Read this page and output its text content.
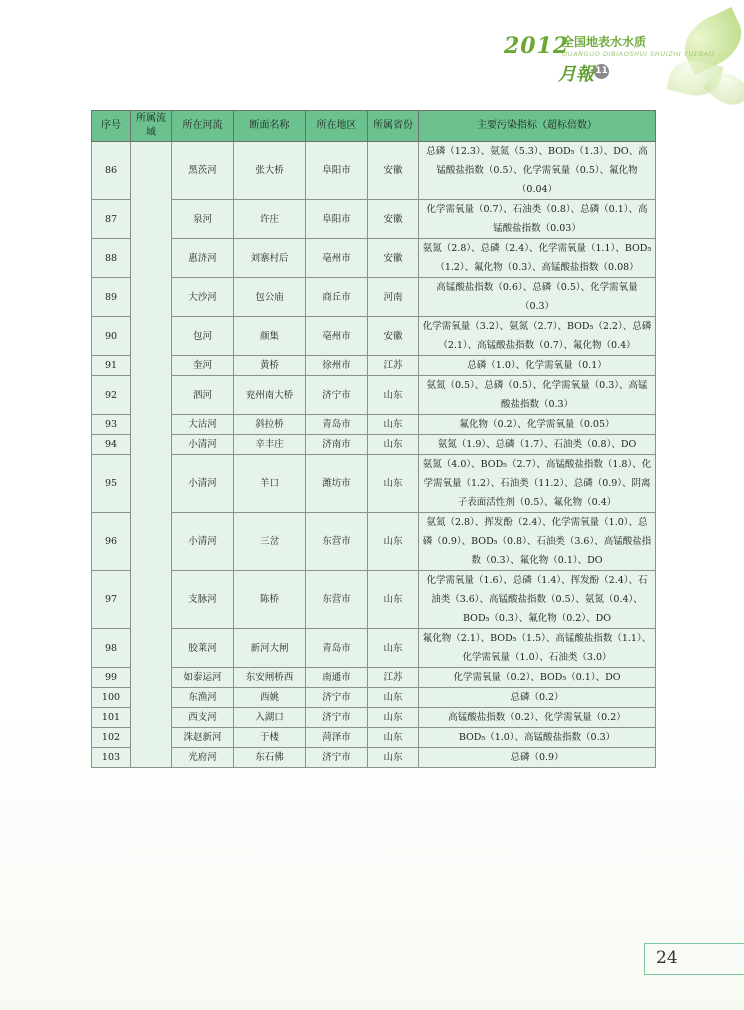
2012
全国地表水水质
QUANGUO DIBIAOSHUI SHUIZHI YUEBAO
月報 11
序号	所属流域	所在河流	断面名称	所在地区	所属省份	主要污染指标（超标倍数）
86		黑茨河	张大桥	阜阳市	安徽	总磷（12.3）、氨氮（5.3）、BOD₅（1.3）、DO、高锰酸盐指数（0.5）、化学需氧量（0.5）、氟化物（0.04）
87		泉河	许庄	阜阳市	安徽	化学需氧量（0.7）、石油类（0.8）、总磷（0.1）、高锰酸盐指数（0.03）
88		惠济河	刘寨村后	亳州市	安徽	氨氮（2.8）、总磷（2.4）、化学需氧量（1.1）、BOD₅（1.2）、氟化物（0.3）、高锰酸盐指数（0.08）
89		大沙河	包公庙	商丘市	河南	高锰酸盐指数（0.6）、总磷（0.5）、化学需氧量（0.3）
90		包河	颜集	亳州市	安徽	化学需氧量（3.2）、氨氮（2.7）、BOD₅（2.2）、总磷（2.1）、高锰酸盐指数（0.7）、氟化物（0.4）
91		奎河	黄桥	徐州市	江苏	总磷（1.0）、化学需氧量（0.1）
92		泗河	兖州南大桥	济宁市	山东	氨氮（0.5）、总磷（0.5）、化学需氧量（0.3）、高锰酸盐指数（0.3）
93		大沽河	斜拉桥	青岛市	山东	氟化物（0.2）、化学需氧量（0.05）
94		小清河	辛丰庄	济南市	山东	氨氮（1.9）、总磷（1.7）、石油类（0.8）、DO
95		小清河	羊口	潍坊市	山东	氨氮（4.0）、BOD₅（2.7）、高锰酸盐指数（1.8）、化学需氧量（1.2）、石油类（11.2）、总磷（0.9）、阴离子表面活性剂（0.5）、氟化物（0.4）
96		小清河	三岔	东营市	山东	氨氮（2.8）、挥发酚（2.4）、化学需氧量（1.0）、总磷（0.9）、BOD₅（0.8）、石油类（3.6）、高锰酸盐指数（0.3）、氟化物（0.1）、DO
97		支脉河	陈桥	东营市	山东	化学需氧量（1.6）、总磷（1.4）、挥发酚（2.4）、石油类（3.6）、高锰酸盐指数（0.5）、氨氮（0.4）、BOD₅（0.3）、氟化物（0.2）、DO
98		胶莱河	新河大闸	青岛市	山东	氟化物（2.1）、BOD₅（1.5）、高锰酸盐指数（1.1）、化学需氧量（1.0）、石油类（3.0）
99		如泰运河	东安闸桥西	南通市	江苏	化学需氧量（0.2）、BOD₅（0.1）、DO
100		东渔河	西姚	济宁市	山东	总磷（0.2）
101		西支河	入湖口	济宁市	山东	高锰酸盐指数（0.2）、化学需氧量（0.2）
102		洙赵新河	于楼	菏泽市	山东	BOD₅（1.0）、高锰酸盐指数（0.3）
103		光府河	东石佛	济宁市	山东	总磷（0.9）
24
